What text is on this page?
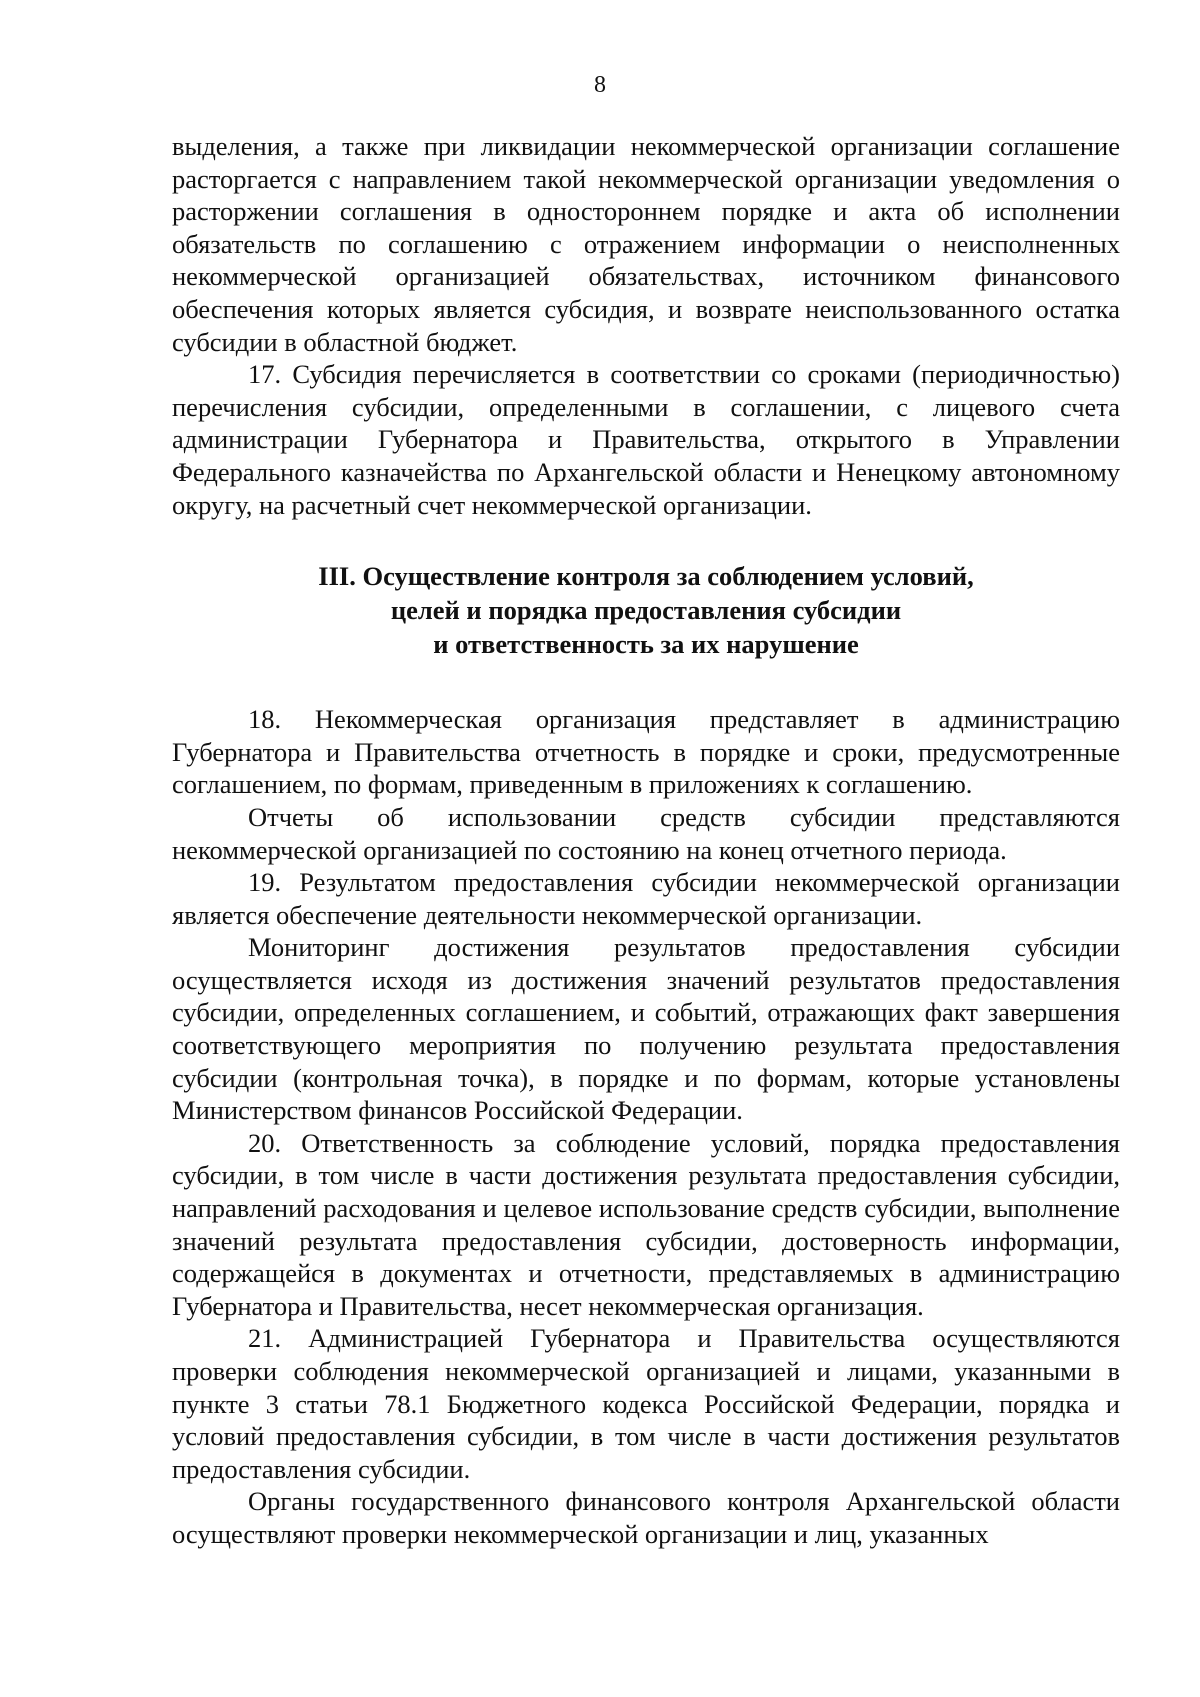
8

выделения, а также при ликвидации некоммерческой организации соглашение расторгается с направлением такой некоммерческой организации уведомления о расторжении соглашения в одностороннем порядке и акта об исполнении обязательств по соглашению с отражением информации о неисполненных некоммерческой организацией обязательствах, источником финансового обеспечения которых является субсидия, и возврате неиспользованного остатка субсидии в областной бюджет.

17. Субсидия перечисляется в соответствии со сроками (периодичностью) перечисления субсидии, определенными в соглашении, с лицевого счета администрации Губернатора и Правительства, открытого в Управлении Федерального казначейства по Архангельской области и Ненецкому автономному округу, на расчетный счет некоммерческой организации.

III. Осуществление контроля за соблюдением условий,
целей и порядка предоставления субсидии
и ответственность за их нарушение

18. Некоммерческая организация представляет в администрацию Губернатора и Правительства отчетность в порядке и сроки, предусмотренные соглашением, по формам, приведенным в приложениях к соглашению.

Отчеты об использовании средств субсидии представляются некоммерческой организацией по состоянию на конец отчетного периода.

19. Результатом предоставления субсидии некоммерческой организации является обеспечение деятельности некоммерческой организации.

Мониторинг достижения результатов предоставления субсидии осуществляется исходя из достижения значений результатов предоставления субсидии, определенных соглашением, и событий, отражающих факт завершения соответствующего мероприятия по получению результата предоставления субсидии (контрольная точка), в порядке и по формам, которые установлены Министерством финансов Российской Федерации.

20. Ответственность за соблюдение условий, порядка предоставления субсидии, в том числе в части достижения результата предоставления субсидии, направлений расходования и целевое использование средств субсидии, выполнение значений результата предоставления субсидии, достоверность информации, содержащейся в документах и отчетности, представляемых в администрацию Губернатора и Правительства, несет некоммерческая организация.

21. Администрацией Губернатора и Правительства осуществляются проверки соблюдения некоммерческой организацией и лицами, указанными в пункте 3 статьи 78.1 Бюджетного кодекса Российской Федерации, порядка и условий предоставления субсидии, в том числе в части достижения результатов предоставления субсидии.

Органы государственного финансового контроля Архангельской области осуществляют проверки некоммерческой организации и лиц, указанных
